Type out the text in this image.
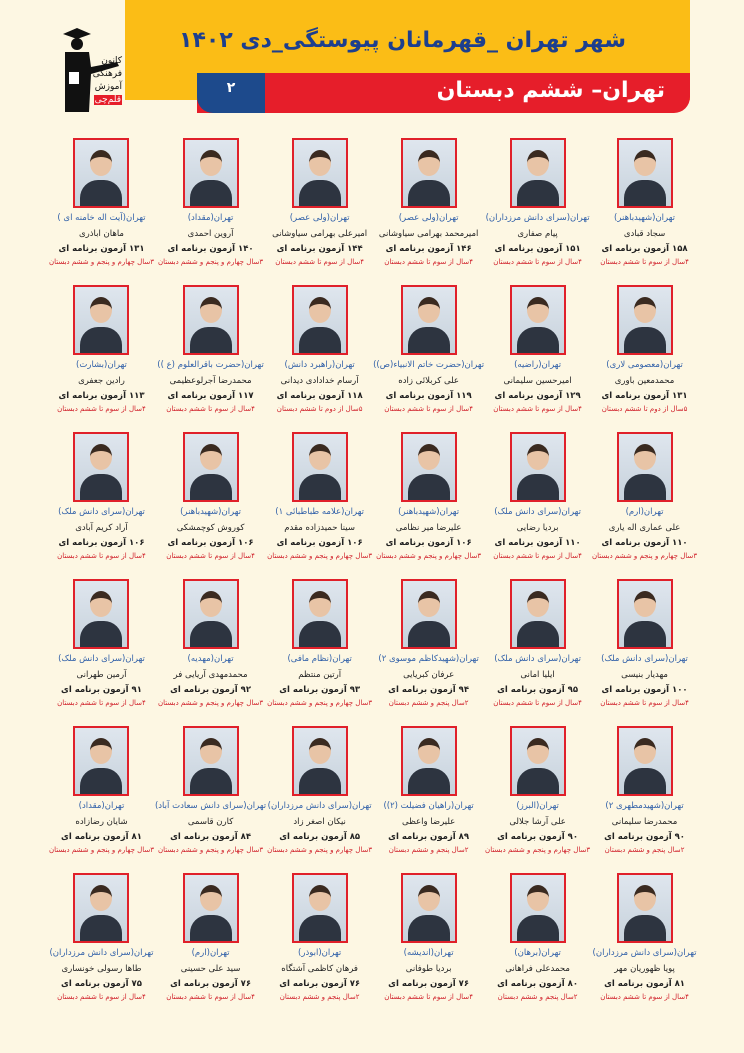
شهر تهران _قهرمانان پیوستگی_دی ۱۴۰۲
۲	تهران– ششم دبستان
کانون
فرهنگی
آموزش
قلم‌چی
تهران(شهیدباهنر)
سجاد قبادی
۱۵۸ آزمون برنامه ای
۴سال از سوم تا ششم دبستان
تهران(سرای دانش مرزداران)
پیام صفاری
۱۵۱ آزمون برنامه ای
۴سال از سوم تا ششم دبستان
تهران(ولی عصر)
امیرمحمد بهرامی سیاوشانی
۱۴۶ آزمون برنامه ای
۴سال از سوم تا ششم دبستان
تهران(ولی عصر)
امیرعلی بهرامی سیاوشانی
۱۴۴ آزمون برنامه ای
۴سال از سوم تا ششم دبستان
تهران(مقداد)
آروین احمدی
۱۴۰ آزمون برنامه ای
۳سال چهارم و پنجم و ششم دبستان
تهران(آیت اله خامنه ای )
ماهان اباذری
۱۳۱ آزمون برنامه ای
۳سال چهارم و پنجم و ششم دبستان
تهران(معصومی لاری)
محمدمعین باوری
۱۳۱ آزمون برنامه ای
۵سال از دوم تا ششم دبستان
تهران(راضیه)
امیرحسین سلیمانی
۱۲۹ آزمون برنامه ای
۴سال از سوم تا ششم دبستان
تهران(حضرت خاتم الانبیاء(ص))
علی کربلائی زاده
۱۱۹ آزمون برنامه ای
۴سال از سوم تا ششم دبستان
تهران(راهبرد دانش)
آرسام خدادادی دیدانی
۱۱۸ آزمون برنامه ای
۵سال از دوم تا ششم دبستان
تهران(حضرت باقرالعلوم (ع ))
محمدرضا آجرلوعظیمی
۱۱۷ آزمون برنامه ای
۴سال از سوم تا ششم دبستان
تهران(بشارت)
رادین جعفری
۱۱۳ آزمون برنامه ای
۴سال از سوم تا ششم دبستان
تهران(ارم)
علی عماری اله یاری
۱۱۰ آزمون برنامه ای
۳سال چهارم و پنجم و ششم دبستان
تهران(سرای دانش ملک)
بردیا رضایی
۱۱۰ آزمون برنامه ای
۴سال از سوم تا ششم دبستان
تهران(شهیدباهنر)
علیرضا میر نظامی
۱۰۶ آزمون برنامه ای
۳سال چهارم و پنجم و ششم دبستان
تهران(علامه طباطبائی ۱)
سینا حمیدزاده مقدم
۱۰۶ آزمون برنامه ای
۳سال چهارم و پنجم و ششم دبستان
تهران(شهیدباهنر)
کوروش کوچمشکی
۱۰۶ آزمون برنامه ای
۴سال از سوم تا ششم دبستان
تهران(سرای دانش ملک)
آراد کریم آبادی
۱۰۶ آزمون برنامه ای
۴سال از سوم تا ششم دبستان
تهران(سرای دانش ملک)
مهدیار بنیسی
۱۰۰ آزمون برنامه ای
۴سال از سوم تا ششم دبستان
تهران(سرای دانش ملک)
ایلیا امانی
۹۵ آزمون برنامه ای
۴سال از سوم تا ششم دبستان
تهران(شهیدکاظم موسوی ۲)
عرفان کبریایی
۹۴ آزمون برنامه ای
۲سال پنجم و ششم دبستان
تهران(نظام مافی)
آرتین منتظم
۹۳ آزمون برنامه ای
۳سال چهارم و پنجم و ششم دبستان
تهران(مهدیه)
محمدمهدی آریایی فر
۹۲ آزمون برنامه ای
۳سال چهارم و پنجم و ششم دبستان
تهران(سرای دانش ملک)
آرمین طهرانی
۹۱ آزمون برنامه ای
۴سال از سوم تا ششم دبستان
تهران(شهیدمطهری ۲)
محمدرضا سلیمانی
۹۰ آزمون برنامه ای
۲سال پنجم و ششم دبستان
تهران(البرز)
علی آرشا جلالی
۹۰ آزمون برنامه ای
۳سال چهارم و پنجم و ششم دبستان
تهران(راهیان فضیلت (۲))
علیرضا واعظی
۸۹ آزمون برنامه ای
۲سال پنجم و ششم دبستان
تهران(سرای دانش مرزداران)
نیکان اصغر زاد
۸۵ آزمون برنامه ای
۳سال چهارم و پنجم و ششم دبستان
تهران(سرای دانش سعادت آباد)
کارن قاسمی
۸۴ آزمون برنامه ای
۳سال چهارم و پنجم و ششم دبستان
تهران(مقداد)
شایان رضازاده
۸۱ آزمون برنامه ای
۳سال چهارم و پنجم و ششم دبستان
تهران(سرای دانش مرزداران)
پویا ظهوریان مهر
۸۱ آزمون برنامه ای
۴سال از سوم تا ششم دبستان
تهران(برهان)
محمدعلی فراهانی
۸۰ آزمون برنامه ای
۲سال پنجم و ششم دبستان
تهران(اندیشه)
بردیا طوفانی
۷۶ آزمون برنامه ای
۴سال از سوم تا ششم دبستان
تهران(ابوذر)
فرهان کاظمی آشتگاه
۷۶ آزمون برنامه ای
۲سال پنجم و ششم دبستان
تهران(ارم)
سید علی حسینی
۷۶ آزمون برنامه ای
۴سال از سوم تا ششم دبستان
تهران(سرای دانش مرزداران)
طاها رسولی خونساری
۷۵ آزمون برنامه ای
۴سال از سوم تا ششم دبستان
